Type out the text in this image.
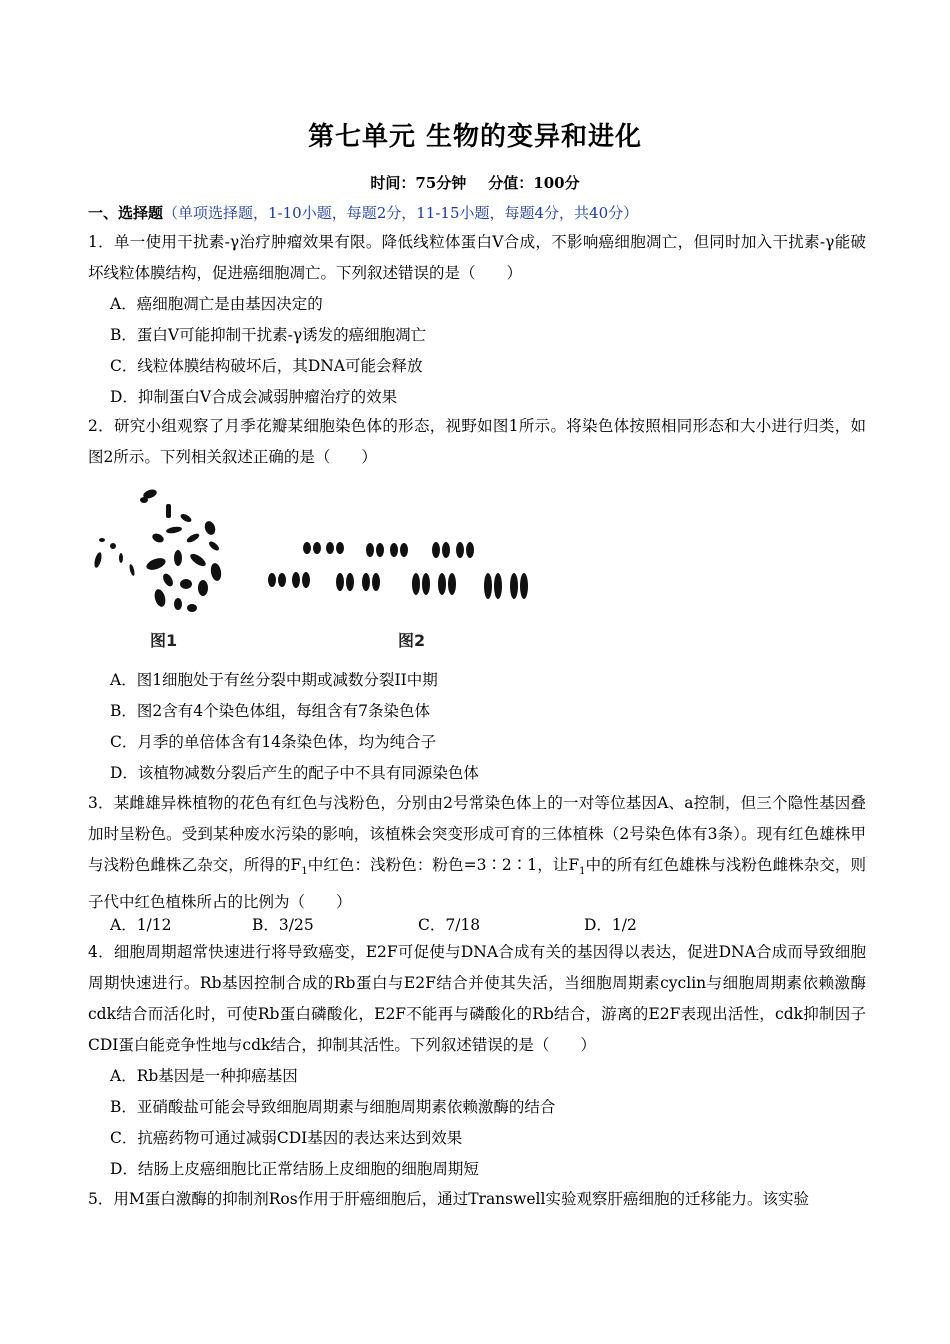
第七单元 生物的变异和进化
时间：75分钟 分值：100分
一、选择题（单项选择题，1-10小题，每题2分，11-15小题，每题4分，共40分）
1．单一使用干扰素-γ治疗肿瘤效果有限。降低线粒体蛋白V合成，不影响癌细胞凋亡，但同时加入干扰素-γ能破坏线粒体膜结构，促进癌细胞凋亡。下列叙述错误的是（　　）
A．癌细胞凋亡是由基因决定的
B．蛋白V可能抑制干扰素-γ诱发的癌细胞凋亡
C．线粒体膜结构破坏后，其DNA可能会释放
D．抑制蛋白V合成会减弱肿瘤治疗的效果
2．研究小组观察了月季花瓣某细胞染色体的形态，视野如图1所示。将染色体按照相同形态和大小进行归类，如图2所示。下列相关叙述正确的是（　　）
图1	图2
A．图1细胞处于有丝分裂中期或减数分裂II中期
B．图2含有4个染色体组，每组含有7条染色体
C．月季的单倍体含有14条染色体，均为纯合子
D．该植物减数分裂后产生的配子中不具有同源染色体
3．某雌雄异株植物的花色有红色与浅粉色，分别由2号常染色体上的一对等位基因A、a控制，但三个隐性基因叠加时呈粉色。受到某种废水污染的影响，该植株会突变形成可育的三体植株（2号染色体有3条）。现有红色雄株甲与浅粉色雌株乙杂交，所得的$F_1$中红色：浅粉色：粉色=3∶2∶1，让$F_1$中的所有红色雄株与浅粉色雌株杂交，则子代中红色植株所占的比例为（　　）
A．1/12	B．3/25	C．7/18	D．1/2
4．细胞周期超常快速进行将导致癌变，E2F可促使与DNA合成有关的基因得以表达，促进DNA合成而导致细胞周期快速进行。Rb基因控制合成的Rb蛋白与E2F结合并使其失活，当细胞周期素cyclin与细胞周期素依赖激酶cdk结合而活化时，可使Rb蛋白磷酸化，E2F不能再与磷酸化的Rb结合，游离的E2F表现出活性，cdk抑制因子CDI蛋白能竞争性地与cdk结合，抑制其活性。下列叙述错误的是（　　）
A．Rb基因是一种抑癌基因
B．亚硝酸盐可能会导致细胞周期素与细胞周期素依赖激酶的结合
C．抗癌药物可通过减弱CDI基因的表达来达到效果
D．结肠上皮癌细胞比正常结肠上皮细胞的细胞周期短
5．用M蛋白激酶的抑制剂Ros作用于肝癌细胞后，通过Transwell实验观察肝癌细胞的迁移能力。该实验
